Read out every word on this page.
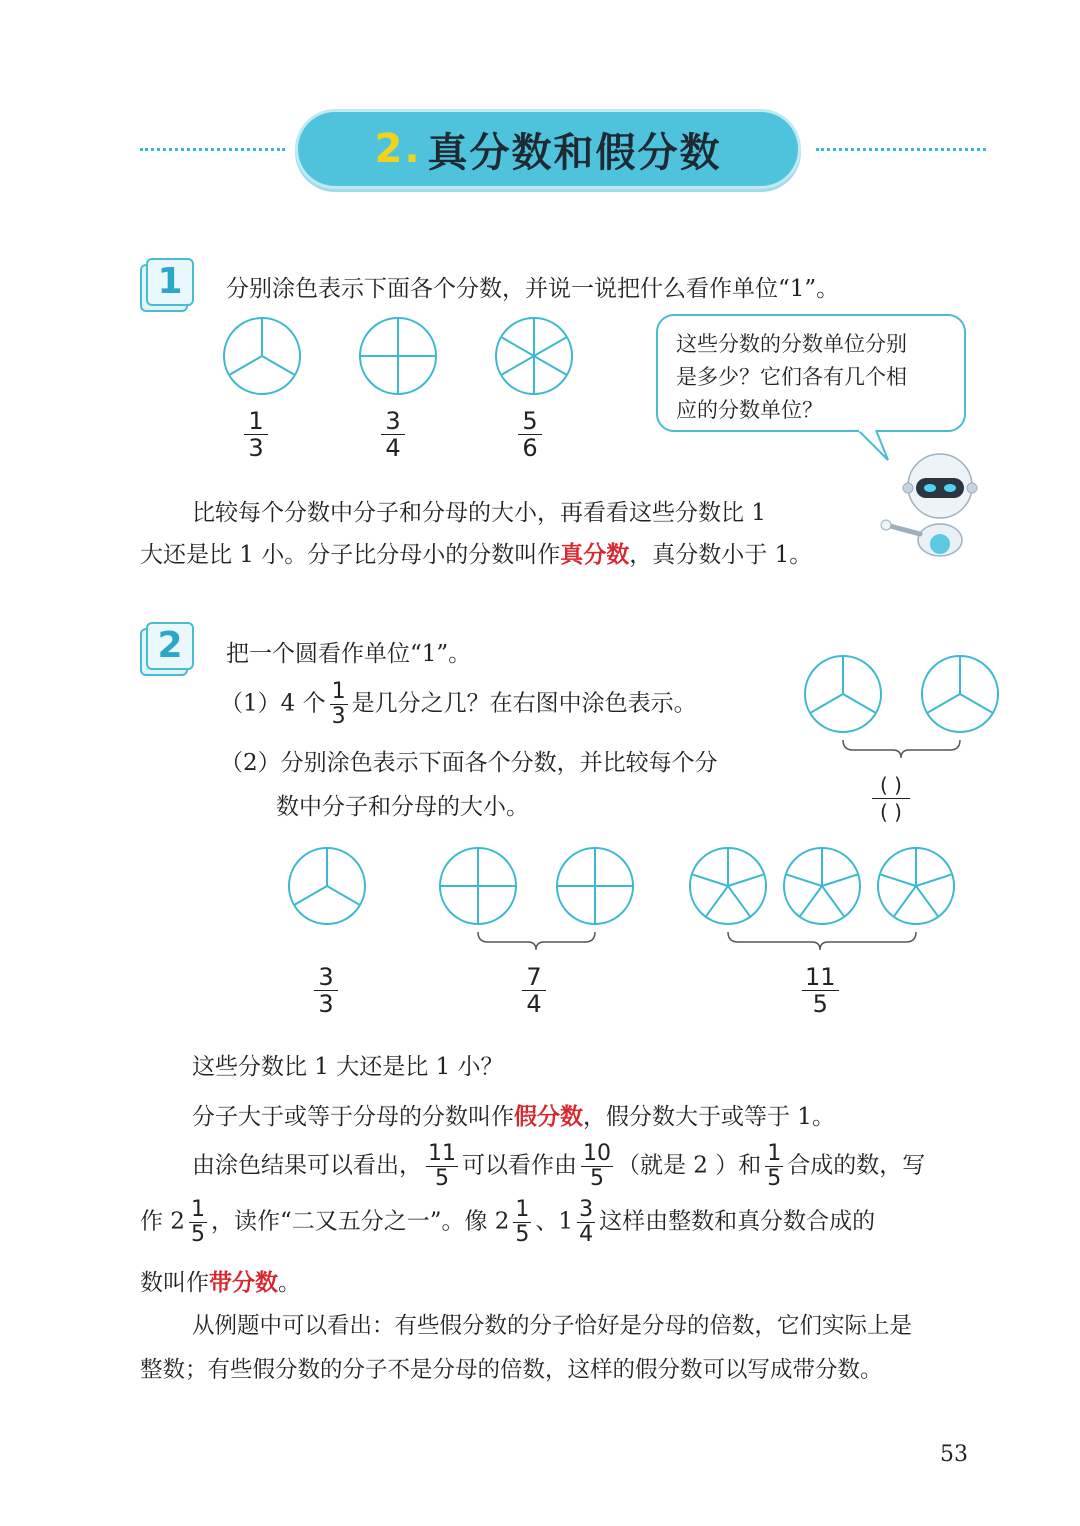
2. 真分数和假分数
1	分别涂色表示下面各个分数，并说一说把什么看作单位“1”。
$\frac{1}{3}$	$\frac{3}{4}$	$\frac{5}{6}$
这些分数的分数单位分别
是多少？它们各有几个相
应的分数单位？
比较每个分数中分子和分母的大小，再看看这些分数比 1
大还是比 1 小。分子比分母小的分数叫作真分数，真分数小于 1。
2	把一个圆看作单位“1”。
（1）4 个 $\frac{1}{3}$ 是几分之几？在右图中涂色表示。
（2）分别涂色表示下面各个分数，并比较每个分
数中分子和分母的大小。
( )
( )
$\frac{3}{3}$	$\frac{7}{4}$	$\frac{11}{5}$
这些分数比 1 大还是比 1 小？
分子大于或等于分母的分数叫作假分数，假分数大于或等于 1。
由涂色结果可以看出， $\frac{11}{5}$ 可以看作由 $\frac{10}{5}$ （就是 2 ）和 $\frac{1}{5}$ 合成的数，写
作 $2 \frac{1}{5}$ ，读作“二又五分之一”。像 $2 \frac{1}{5}$ 、$1 \frac{3}{4}$ 这样由整数和真分数合成的
数叫作带分数。
从例题中可以看出：有些假分数的分子恰好是分母的倍数，它们实际上是
整数；有些假分数的分子不是分母的倍数，这样的假分数可以写成带分数。
53
